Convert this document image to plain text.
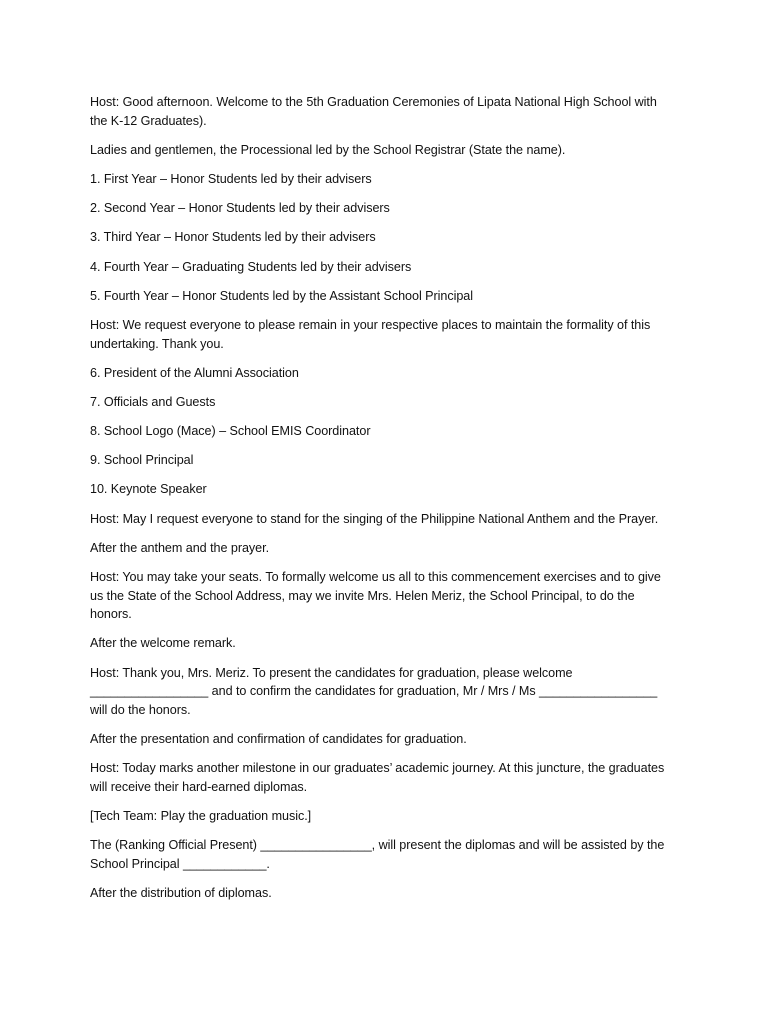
Host: Good afternoon. Welcome to the 5th Graduation Ceremonies of Lipata National High School with the K-12 Graduates).

Ladies and gentlemen, the Processional led by the School Registrar (State the name).

1. First Year – Honor Students led by their advisers

2. Second Year – Honor Students led by their advisers

3. Third Year – Honor Students led by their advisers

4. Fourth Year – Graduating Students led by their advisers

5. Fourth Year – Honor Students led by the Assistant School Principal

Host: We request everyone to please remain in your respective places to maintain the formality of this undertaking. Thank you.

6. President of the Alumni Association

7. Officials and Guests

8. School Logo (Mace) – School EMIS Coordinator

9. School Principal

10. Keynote Speaker

Host: May I request everyone to stand for the singing of the Philippine National Anthem and the Prayer.

After the anthem and the prayer.

Host: You may take your seats. To formally welcome us all to this commencement exercises and to give us the State of the School Address, may we invite Mrs. Helen Meriz, the School Principal, to do the honors.

After the welcome remark.

Host: Thank you, Mrs. Meriz. To present the candidates for graduation, please welcome _________________ and to confirm the candidates for graduation, Mr / Mrs / Ms _________________ will do the honors.

After the presentation and confirmation of candidates for graduation.

Host: Today marks another milestone in our graduates’ academic journey. At this juncture, the graduates will receive their hard-earned diplomas.

[Tech Team: Play the graduation music.]

The (Ranking Official Present) ________________, will present the diplomas and will be assisted by the School Principal ____________.

After the distribution of diplomas.
